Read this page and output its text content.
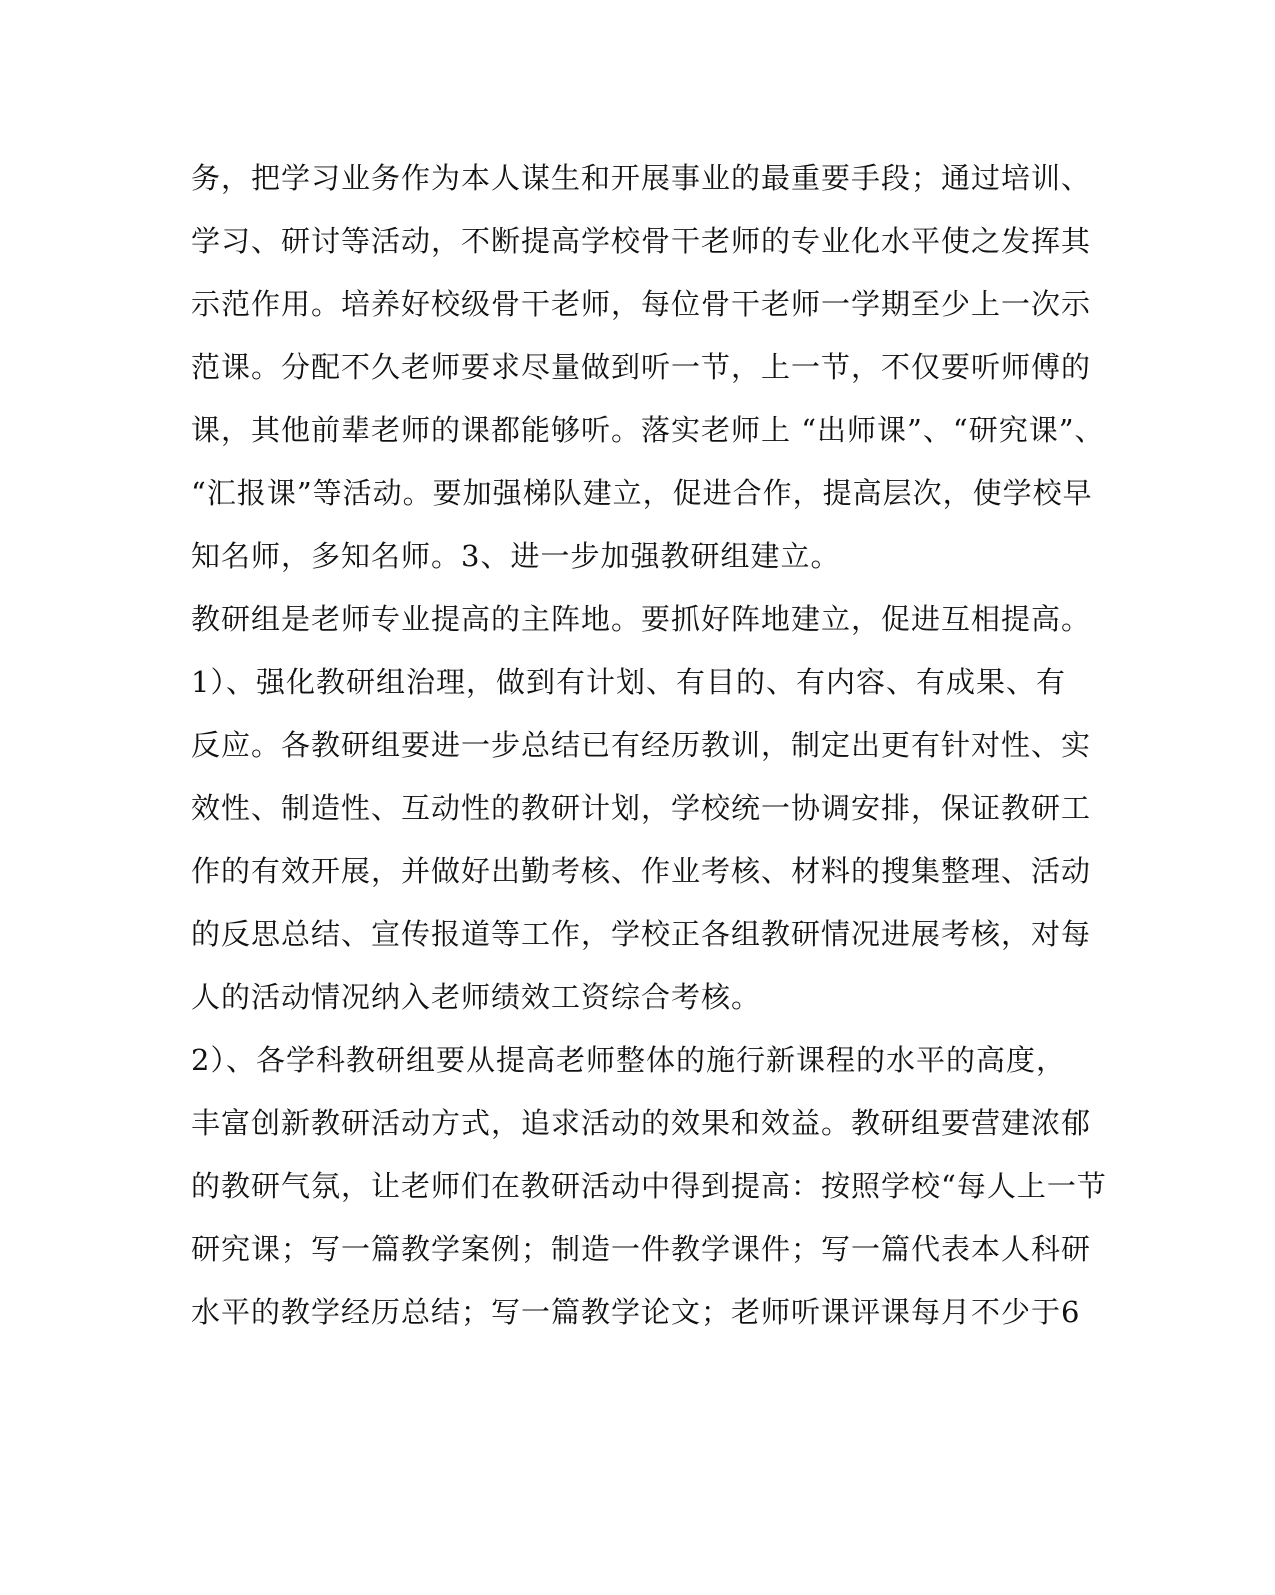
务，把学习业务作为本人谋生和开展事业的最重要手段；通过培训、
学习、研讨等活动，不断提高学校骨干老师的专业化水平使之发挥其
示范作用。培养好校级骨干老师，每位骨干老师一学期至少上一次示
范课。分配不久老师要求尽量做到听一节，上一节，不仅要听师傅的
课，其他前辈老师的课都能够听。落实老师上 “出师课”、“研究课”、
“汇报课”等活动。要加强梯队建立，促进合作，提高层次，使学校早
知名师，多知名师。3、进一步加强教研组建立。
教研组是老师专业提高的主阵地。要抓好阵地建立，促进互相提高。
1）、强化教研组治理，做到有计划、有目的、有内容、有成果、有
反应。各教研组要进一步总结已有经历教训，制定出更有针对性、实
效性、制造性、互动性的教研计划，学校统一协调安排，保证教研工
作的有效开展，并做好出勤考核、作业考核、材料的搜集整理、活动
的反思总结、宣传报道等工作，学校正各组教研情况进展考核，对每
人的活动情况纳入老师绩效工资综合考核。
2）、各学科教研组要从提高老师整体的施行新课程的水平的高度，
丰富创新教研活动方式，追求活动的效果和效益。教研组要营建浓郁
的教研气氛，让老师们在教研活动中得到提高：按照学校“每人上一节
研究课；写一篇教学案例；制造一件教学课件；写一篇代表本人科研
水平的教学经历总结；写一篇教学论文；老师听课评课每月不少于6
